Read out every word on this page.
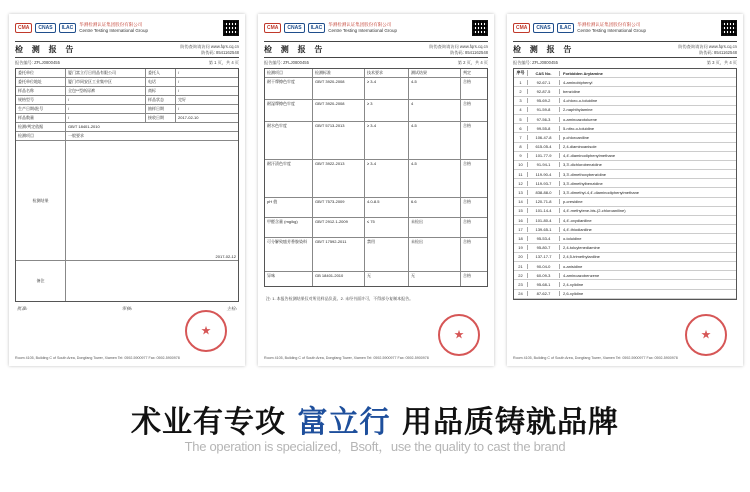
CMA	CNAS	ILAC
华测检测认证集团股份有限公司
Centre Testing International Group
检 测 报 告	防伪查询请访问 www.fqrs.cq.cn
防伪码: 8541162548
报告编号: ZFLJ0800455	第 1 页，共 4 页
委托单位	厦门富立行日用品有限公司	委托人	/
委托单位地址	厦门市同安区工业集中区	电话	/
样品名称	全包**型纸尿裤	商标	/
规格型号	/	样品状态	完好
生产日期/批号	/	抽样日期	/
样品数量	/	接收日期	2017-02-10
检测/判定依据	GB/T 18401-2010
检测项目	一般要求
检测结果
2017-02-12
备注
批准:	审核:	主检:
★
Room 4105, Building C of South Area, Dongfang Tower, Xiamen Tel: 0592-5900977 Fax: 0592-5900978
CMA	CNAS	ILAC
华测检测认证集团股份有限公司
Centre Testing International Group
检 测 报 告	防伪查询请访问 www.fqrs.cq.cn
防伪码: 8541162548
报告编号: ZFLJ0800455	第 2 页，共 4 页
检测项目	检测标准	技术要求	测试结果	判定
耐干摩擦色牢度	GB/T 3920-2008	≥ 3-4	4-5	合格
耐湿摩擦色牢度	GB/T 3920-2008	≥ 3	4	合格
耐水色牢度	GB/T 5713-2013	≥ 3-4	4-5	合格
耐汗渍色牢度	GB/T 3922-2013	≥ 3-4	4-5	合格
pH 值	GB/T 7573-2009	4.0-8.5	6.6	合格
甲醛含量 (mg/kg)	GB/T 2912.1-2009	≤ 75	未检出	合格
可分解致癌芳香胺染料	GB/T 17592-2011	禁用	未检出	合格
异味	GB 18401-2010	无	无	合格
注: 1. 本报告检测结果仅对所送样品负责。2. 未经书面许可，不得部分复制本报告。
★
Room 4105, Building C of South Area, Dongfang Tower, Xiamen Tel: 0592-5900977 Fax: 0592-5900978
CMA	CNAS	ILAC
华测检测认证集团股份有限公司
Centre Testing International Group
检 测 报 告	防伪查询请访问 www.fqrs.cq.cn
防伪码: 8541162548
报告编号: ZFLJ0800455	第 3 页，共 4 页
序号	CAS No.	Forbidden Arylamine
1	92-67-1	4-aminobiphenyl
2	92-87-5	benzidine
3	95-69-2	4-chloro-o-toluidine
4	91-59-8	2-naphthylamine
5	97-56-3	o-aminoazotoluene
6	99-55-8	5-nitro-o-toluidine
7	106-47-8	p-chloroaniline
8	615-05-4	2,4-diaminoanisole
9	101-77-9	4,4'-diaminodiphenylmethane
10	91-94-1	3,3'-dichlorobenzidine
11	119-90-4	3,3'-dimethoxybenzidine
12	119-93-7	3,3'-dimethylbenzidine
13	838-88-0	3,3'-dimethyl-4,4'-diaminodiphenylmethane
14	120-71-8	p-cresidine
15	101-14-4	4,4'-methylene-bis-(2-chloroaniline)
16	101-80-4	4,4'-oxydianiline
17	139-65-1	4,4'-thiodianiline
18	95-53-4	o-toluidine
19	95-80-7	2,4-toluylenediamine
20	137-17-7	2,4,5-trimethylaniline
21	90-04-0	o-anisidine
22	60-09-3	4-aminoazobenzene
23	95-68-1	2,4-xylidine
24	87-62-7	2,6-xylidine
★
Room 4105, Building C of South Area, Dongfang Tower, Xiamen Tel: 0592-5900977 Fax: 0592-5900978
术业有专攻 富立行 用品质铸就品牌
The operation is specialized，Bsoft，use the quality to cast the brand
